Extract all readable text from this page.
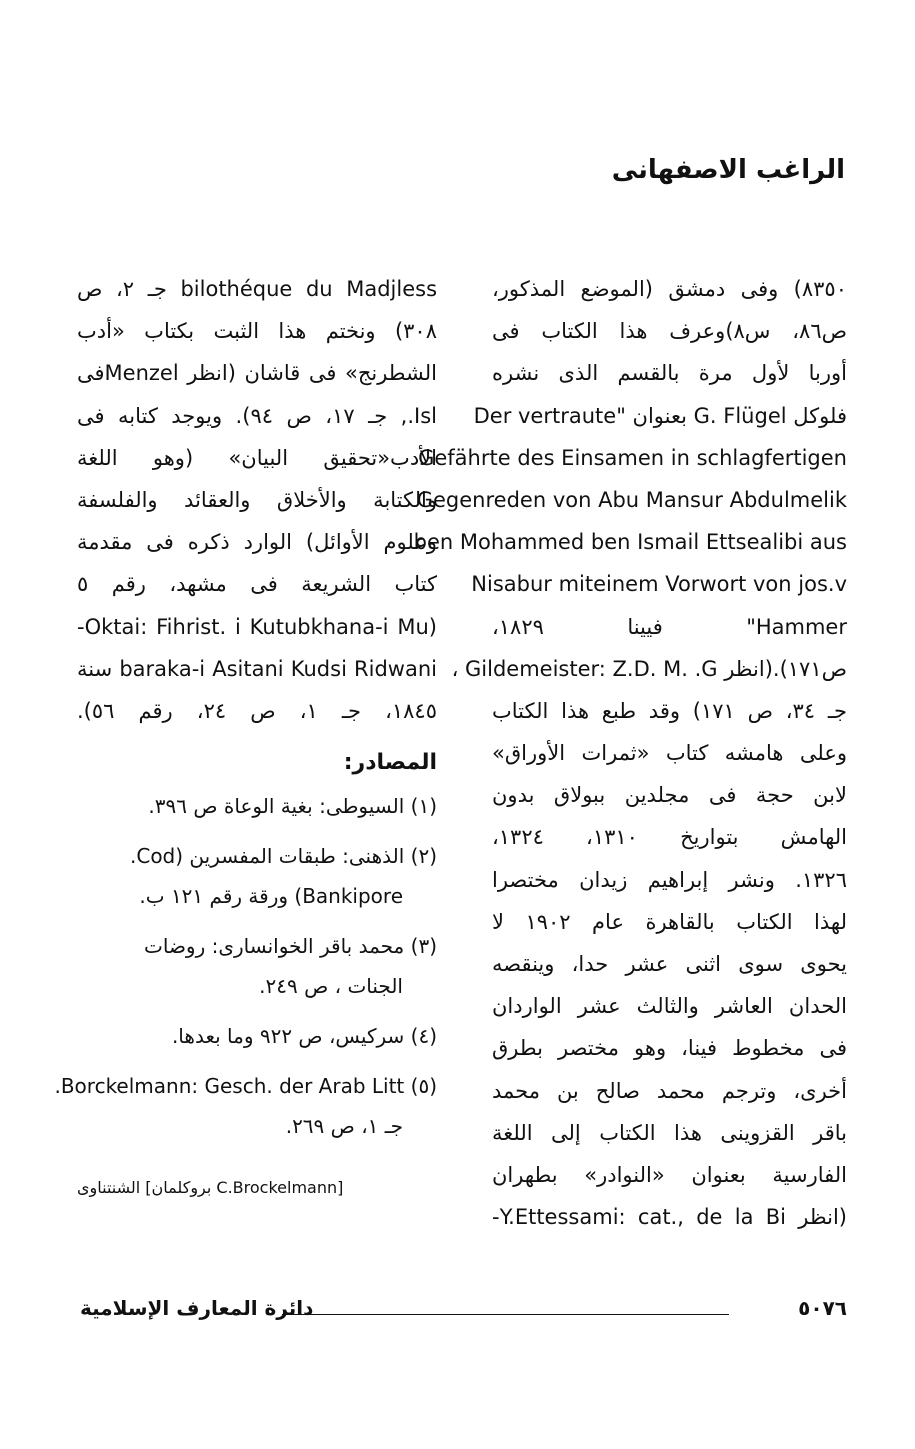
الراغب الاصفهانى
٨٣٥٠) وفى دمشق (الموضع المذكور،
ص٨٦، س٨)وعرف هذا الكتاب فى
أوربا لأول مرة بالقسم الذى نشره
فلوكل G. Flügel بعنوان "Der vertraute
Gefährte des Einsamen in schlagfertigen
Gegenreden von Abu Mansur Abdulmelik
ben Mohammed ben Ismail Ettsealibi aus
Nisabur miteinem Vorwort von jos.v
Hammer" فيينا ١٨٢٩،
ص١٧١).(انظر Gildemeister: Z.D. M. .G ،
جـ ٣٤، ص ١٧١) وقد طبع هذا الكتاب
وعلى هامشه كتاب «ثمرات الأوراق»
لابن حجة فى مجلدين ببولاق بدون
الهامش بتواريخ ١٣١٠، ١٣٢٤،
١٣٢٦. ونشر إبراهيم زيدان مختصرا
لهذا الكتاب بالقاهرة عام ١٩٠٢ لا
يحوى سوى اثنى عشر حدا، وينقصه
الحدان العاشر والثالث عشر الواردان
فى مخطوط فينا، وهو مختصر بطرق
أخرى، وترجم محمد صالح بن محمد
باقر القزوينى هذا الكتاب إلى اللغة
الفارسية بعنوان «النوادر» بطهران
(انظر Y.Ettessami: cat., de la Bi-
bilothéque du Madjless جـ ٢، ص
٣٠٨) ونختم هذا الثبت بكتاب «أدب
الشطرنج» فى قاشان (انظر Menzelفى
Isl., جـ ١٧، ص ٩٤). ويوجد كتابه فى
الأدب«تحقيق البيان» (وهو اللغة
والكتابة والأخلاق والعقائد والفلسفة
وعلوم الأوائل) الوارد ذكره فى مقدمة
كتاب الشريعة فى مشهد، رقم ٥
(Oktai: Fihrist. i Kutubkhana-i Mu-
baraka-i Asitani Kudsi Ridwani سنة
١٨٤٥، جـ ١، ص ٢٤، رقم ٥٦).
المصادر:
(١) السيوطى: بغية الوعاة ص ٣٩٦.
(٢) الذهنى: طبقات المفسرين (Cod.
Bankipore) ورقة رقم ١٢١ ب.
(٣) محمد باقر الخوانسارى: روضات
الجنات ، ص ٢٤٩.
(٤) سركيس، ص ٩٢٢ وما بعدها.
(٥) Borckelmann: Gesch. der Arab Litt.
جـ ١، ص ٢٦٩.
الشنتناوى [بروكلمان C.Brockelmann]
دائرة المعارف الإسلامية	٥٠٧٦
